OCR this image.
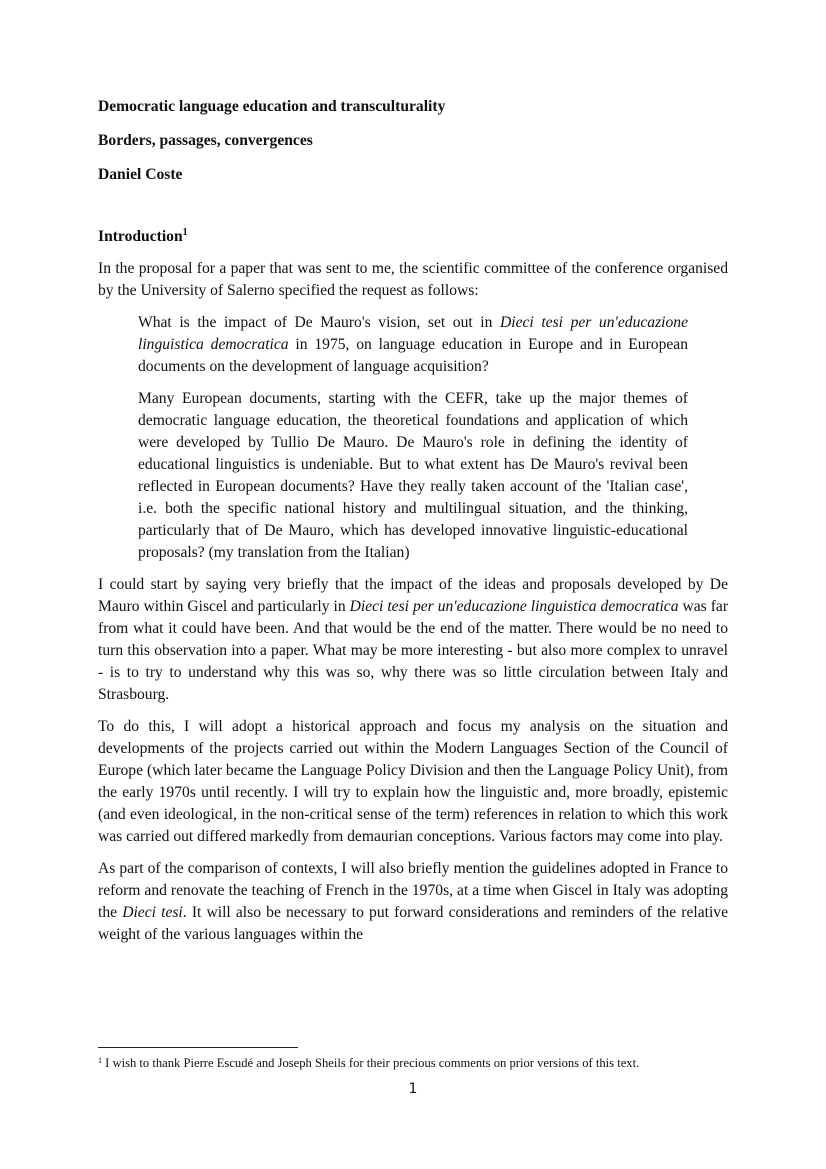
Democratic language education and transculturality
Borders, passages, convergences
Daniel Coste
Introduction$^1$

In the proposal for a paper that was sent to me, the scientific committee of the conference organised by the University of Salerno specified the request as follows:

What is the impact of De Mauro's vision, set out in Dieci tesi per un'educazione linguistica democratica in 1975, on language education in Europe and in European documents on the development of language acquisition?

Many European documents, starting with the CEFR, take up the major themes of democratic language education, the theoretical foundations and application of which were developed by Tullio De Mauro. De Mauro's role in defining the identity of educational linguistics is undeniable. But to what extent has De Mauro's revival been reflected in European documents? Have they really taken account of the 'Italian case', i.e. both the specific national history and multilingual situation, and the thinking, particularly that of De Mauro, which has developed innovative linguistic-educational proposals? (my translation from the Italian)

I could start by saying very briefly that the impact of the ideas and proposals developed by De Mauro within Giscel and particularly in Dieci tesi per un'educazione linguistica democratica was far from what it could have been. And that would be the end of the matter. There would be no need to turn this observation into a paper. What may be more interesting - but also more complex to unravel - is to try to understand why this was so, why there was so little circulation between Italy and Strasbourg.

To do this, I will adopt a historical approach and focus my analysis on the situation and developments of the projects carried out within the Modern Languages Section of the Council of Europe (which later became the Language Policy Division and then the Language Policy Unit), from the early 1970s until recently. I will try to explain how the linguistic and, more broadly, epistemic (and even ideological, in the non-critical sense of the term) references in relation to which this work was carried out differed markedly from demaurian conceptions. Various factors may come into play.

As part of the comparison of contexts, I will also briefly mention the guidelines adopted in France to reform and renovate the teaching of French in the 1970s, at a time when Giscel in Italy was adopting the Dieci tesi. It will also be necessary to put forward considerations and reminders of the relative weight of the various languages within the

$^1$ I wish to thank Pierre Escudé and Joseph Sheils for their precious comments on prior versions of this text.
1
